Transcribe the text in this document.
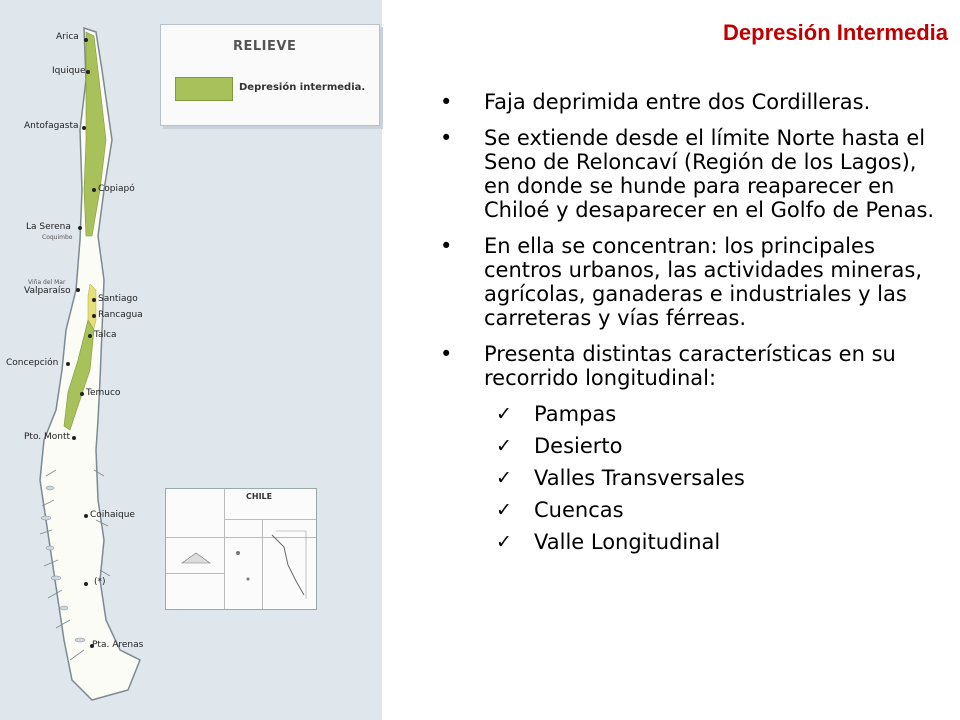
RELIEVE
Depresión intermedia.
Arica
Iquique
Antofagasta
Copiapó
La Serena
Coquimbo
Viña del Mar
Valparaíso
Santiago
Rancagua
Talca
Concepción
Temuco
Pto. Montt
Coihaique
(*)
Pta. Arenas
CHILE
Depresión Intermedia
• Faja deprimida entre dos Cordilleras.
• Se extiende desde el límite Norte hasta el Seno de Reloncaví (Región de los Lagos), en donde se hunde para reaparecer en Chiloé y desaparecer en el Golfo de Penas.
• En ella se concentran: los principales centros urbanos, las actividades mineras, agrícolas, ganaderas e industriales y las carreteras y vías férreas.
• Presenta distintas características en su recorrido longitudinal:
✓ Pampas
✓ Desierto
✓ Valles Transversales
✓ Cuencas
✓ Valle Longitudinal
